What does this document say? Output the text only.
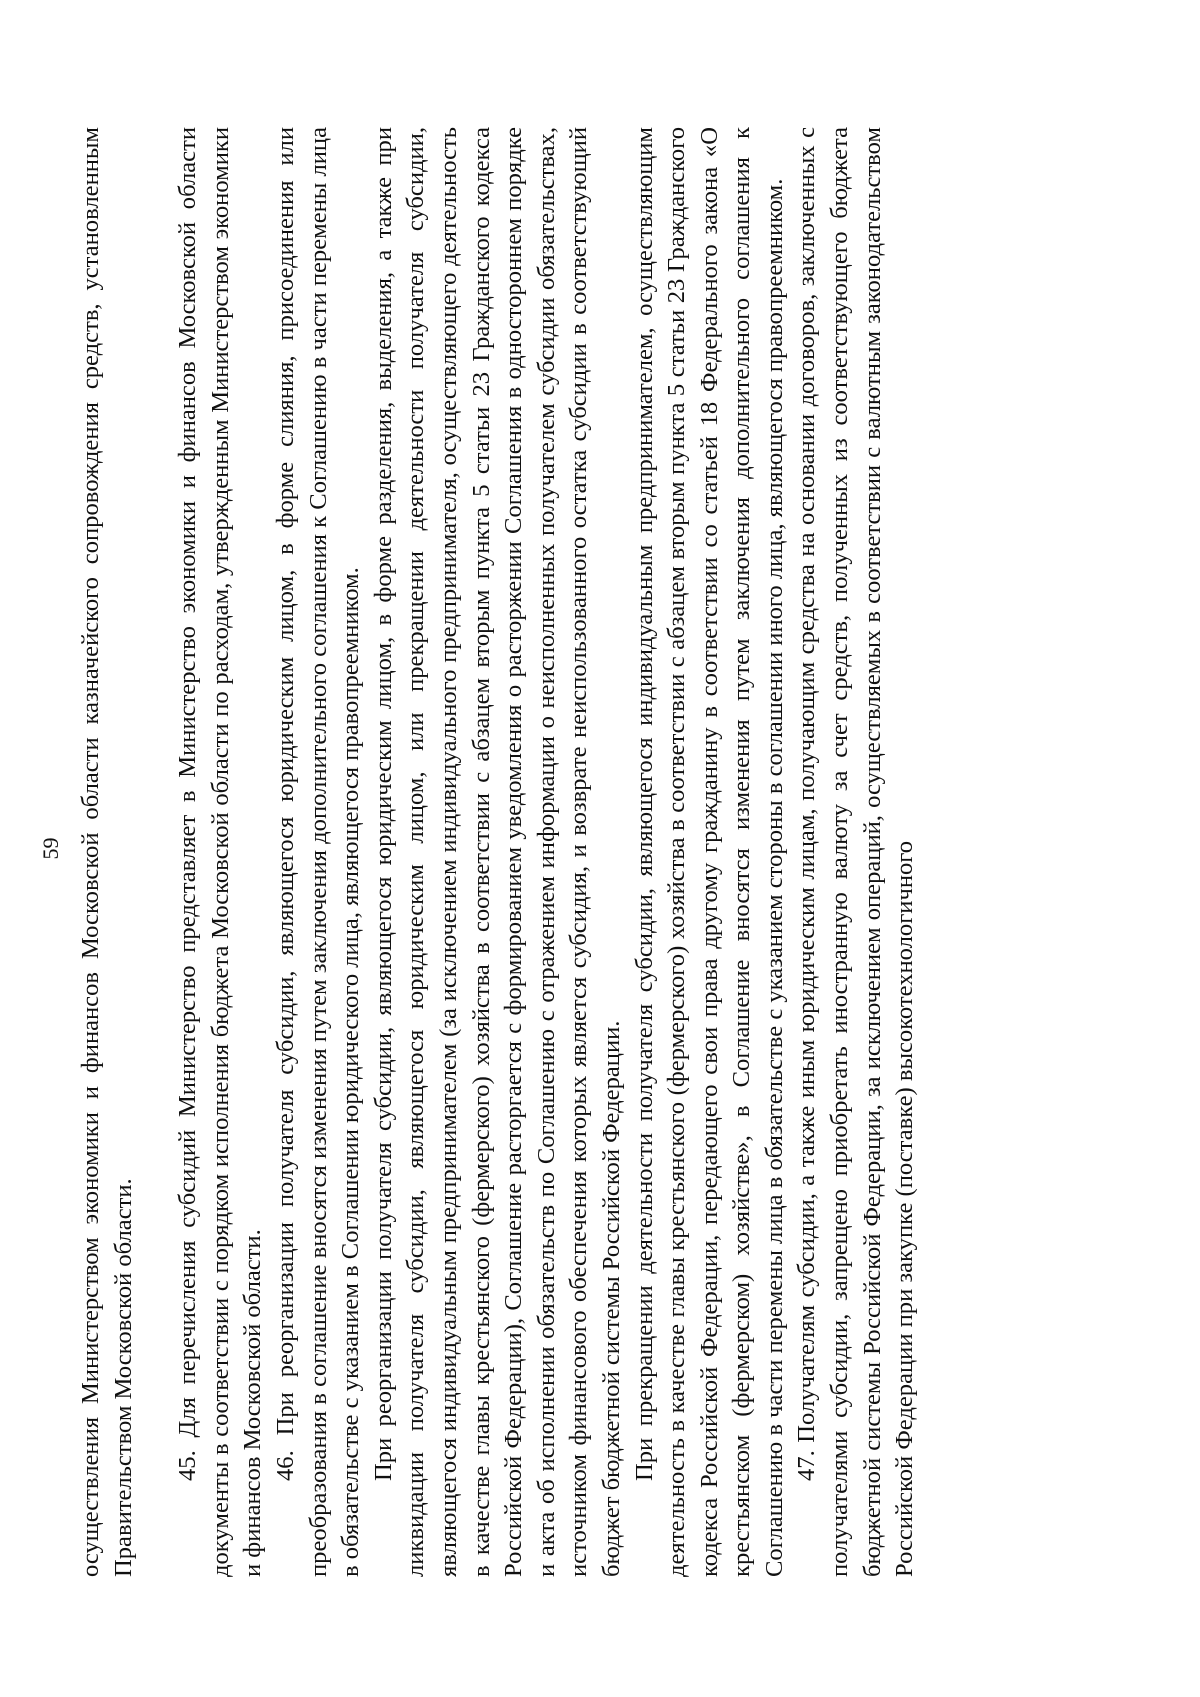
59 осуществления Министерством экономики и финансов Московской области казначейского сопровождения средств, установленным Правительством Московской области. 45. Для перечисления субсидий Министерство представляет в Министерство экономики и финансов Московской области документы в соответствии с порядком исполнения бюджета Московской области по расходам, утвержденным Министерством экономики и финансов Московской области. 46. При реорганизации получателя субсидии, являющегося юридическим лицом, в форме слияния, присоединения или преобразования в соглашение вносятся изменения путем заключения дополнительного соглашения к Соглашению в части перемены лица в обязательстве с указанием в Соглашении юридического лица, являющегося правопреемником. При реорганизации получателя субсидии, являющегося юридическим лицом, в форме разделения, выделения, а также при ликвидации получателя субсидии, являющегося юридическим лицом, или прекращении деятельности получателя субсидии, являющегося индивидуальным предпринимателем (за исключением индивидуального предпринимателя, осуществляющего деятельность в качестве главы крестьянского (фермерского) хозяйства в соответствии с абзацем вторым пункта 5 статьи 23 Гражданского кодекса Российской Федерации), Соглашение расторгается с формированием уведомления о расторжении Соглашения в одностороннем порядке и акта об исполнении обязательств по Соглашению с отражением информации о неисполненных получателем субсидии обязательствах, источником финансового обеспечения которых является субсидия, и возврате неиспользованного остатка субсидии в соответствующий бюджет бюджетной системы Российской Федерации. При прекращении деятельности получателя субсидии, являющегося индивидуальным предпринимателем, осуществляющим деятельность в качестве главы крестьянского (фермерского) хозяйства в соответствии с абзацем вторым пункта 5 статьи 23 Гражданского кодекса Российской Федерации, передающего свои права другому гражданину в соответствии со статьей 18 Федерального закона «О крестьянском (фермерском) хозяйстве», в Соглашение вносятся изменения путем заключения дополнительного соглашения к Соглашению в части перемены лица в обязательстве с указанием стороны в соглашении иного лица, являющегося правопреемником. 47. Получателям субсидии, а также иным юридическим лицам, получающим средства на основании договоров, заключенных с получателями субсидии, запрещено приобретать иностранную валюту за счет средств, полученных из соответствующего бюджета бюджетной системы Российской Федерации, за исключением операций, осуществляемых в соответствии с валютным законодательством Российской Федерации при закупке (поставке) высокотехнологичного
